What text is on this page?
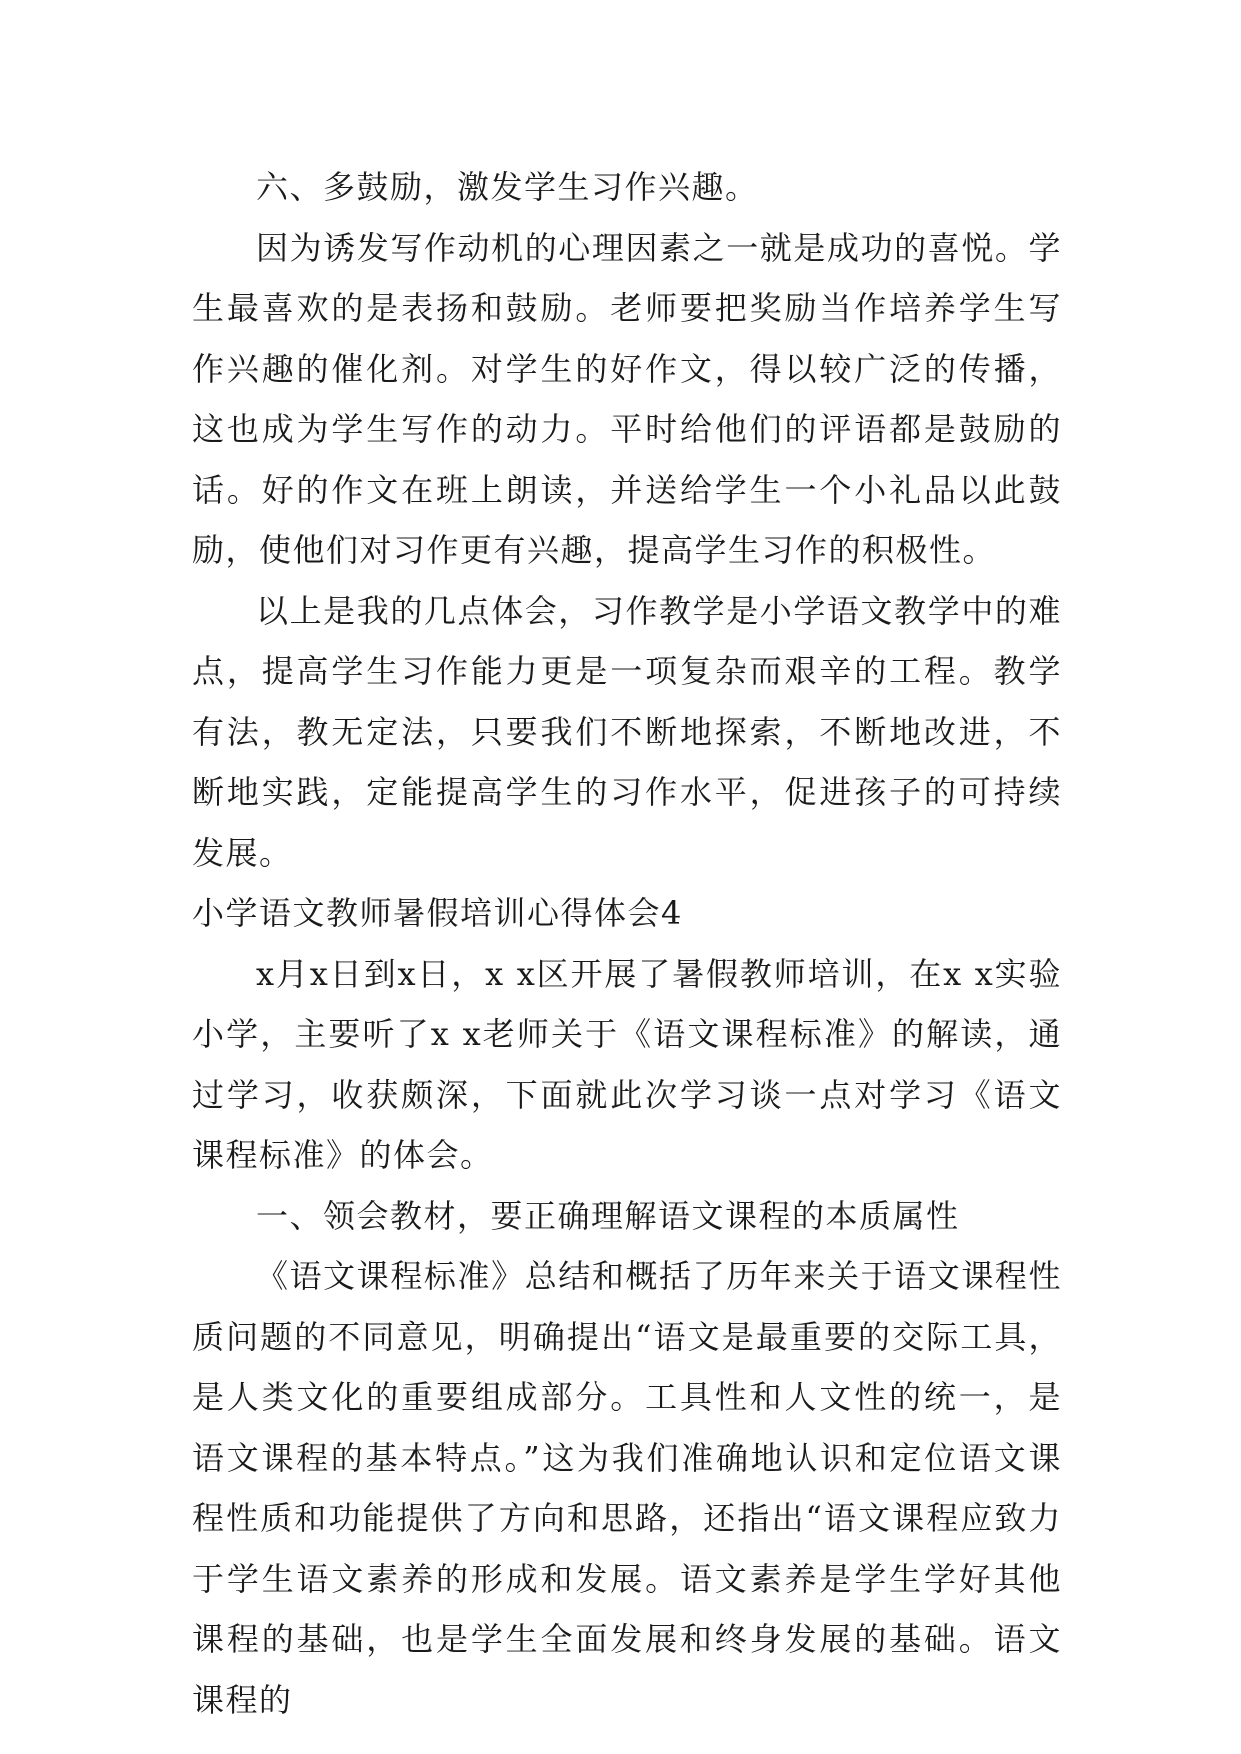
六、多鼓励，激发学生习作兴趣。

因为诱发写作动机的心理因素之一就是成功的喜悦。学生最喜欢的是表扬和鼓励。老师要把奖励当作培养学生写作兴趣的催化剂。对学生的好作文，得以较广泛的传播，这也成为学生写作的动力。平时给他们的评语都是鼓励的话。好的作文在班上朗读，并送给学生一个小礼品以此鼓励，使他们对习作更有兴趣，提高学生习作的积极性。

以上是我的几点体会，习作教学是小学语文教学中的难点，提高学生习作能力更是一项复杂而艰辛的工程。教学有法，教无定法，只要我们不断地探索，不断地改进，不断地实践，定能提高学生的习作水平，促进孩子的可持续发展。

小学语文教师暑假培训心得体会4

x月x日到x日，x x区开展了暑假教师培训，在x x实验小学，主要听了x x老师关于《语文课程标准》的解读，通过学习，收获颇深，下面就此次学习谈一点对学习《语文课程标准》的体会。

一、领会教材，要正确理解语文课程的本质属性

《语文课程标准》总结和概括了历年来关于语文课程性质问题的不同意见，明确提出“语文是最重要的交际工具，是人类文化的重要组成部分。工具性和人文性的统一，是语文课程的基本特点。”这为我们准确地认识和定位语文课程性质和功能提供了方向和思路，还指出“语文课程应致力于学生语文素养的形成和发展。语文素养是学生学好其他课程的基础，也是学生全面发展和终身发展的基础。语文课程的
